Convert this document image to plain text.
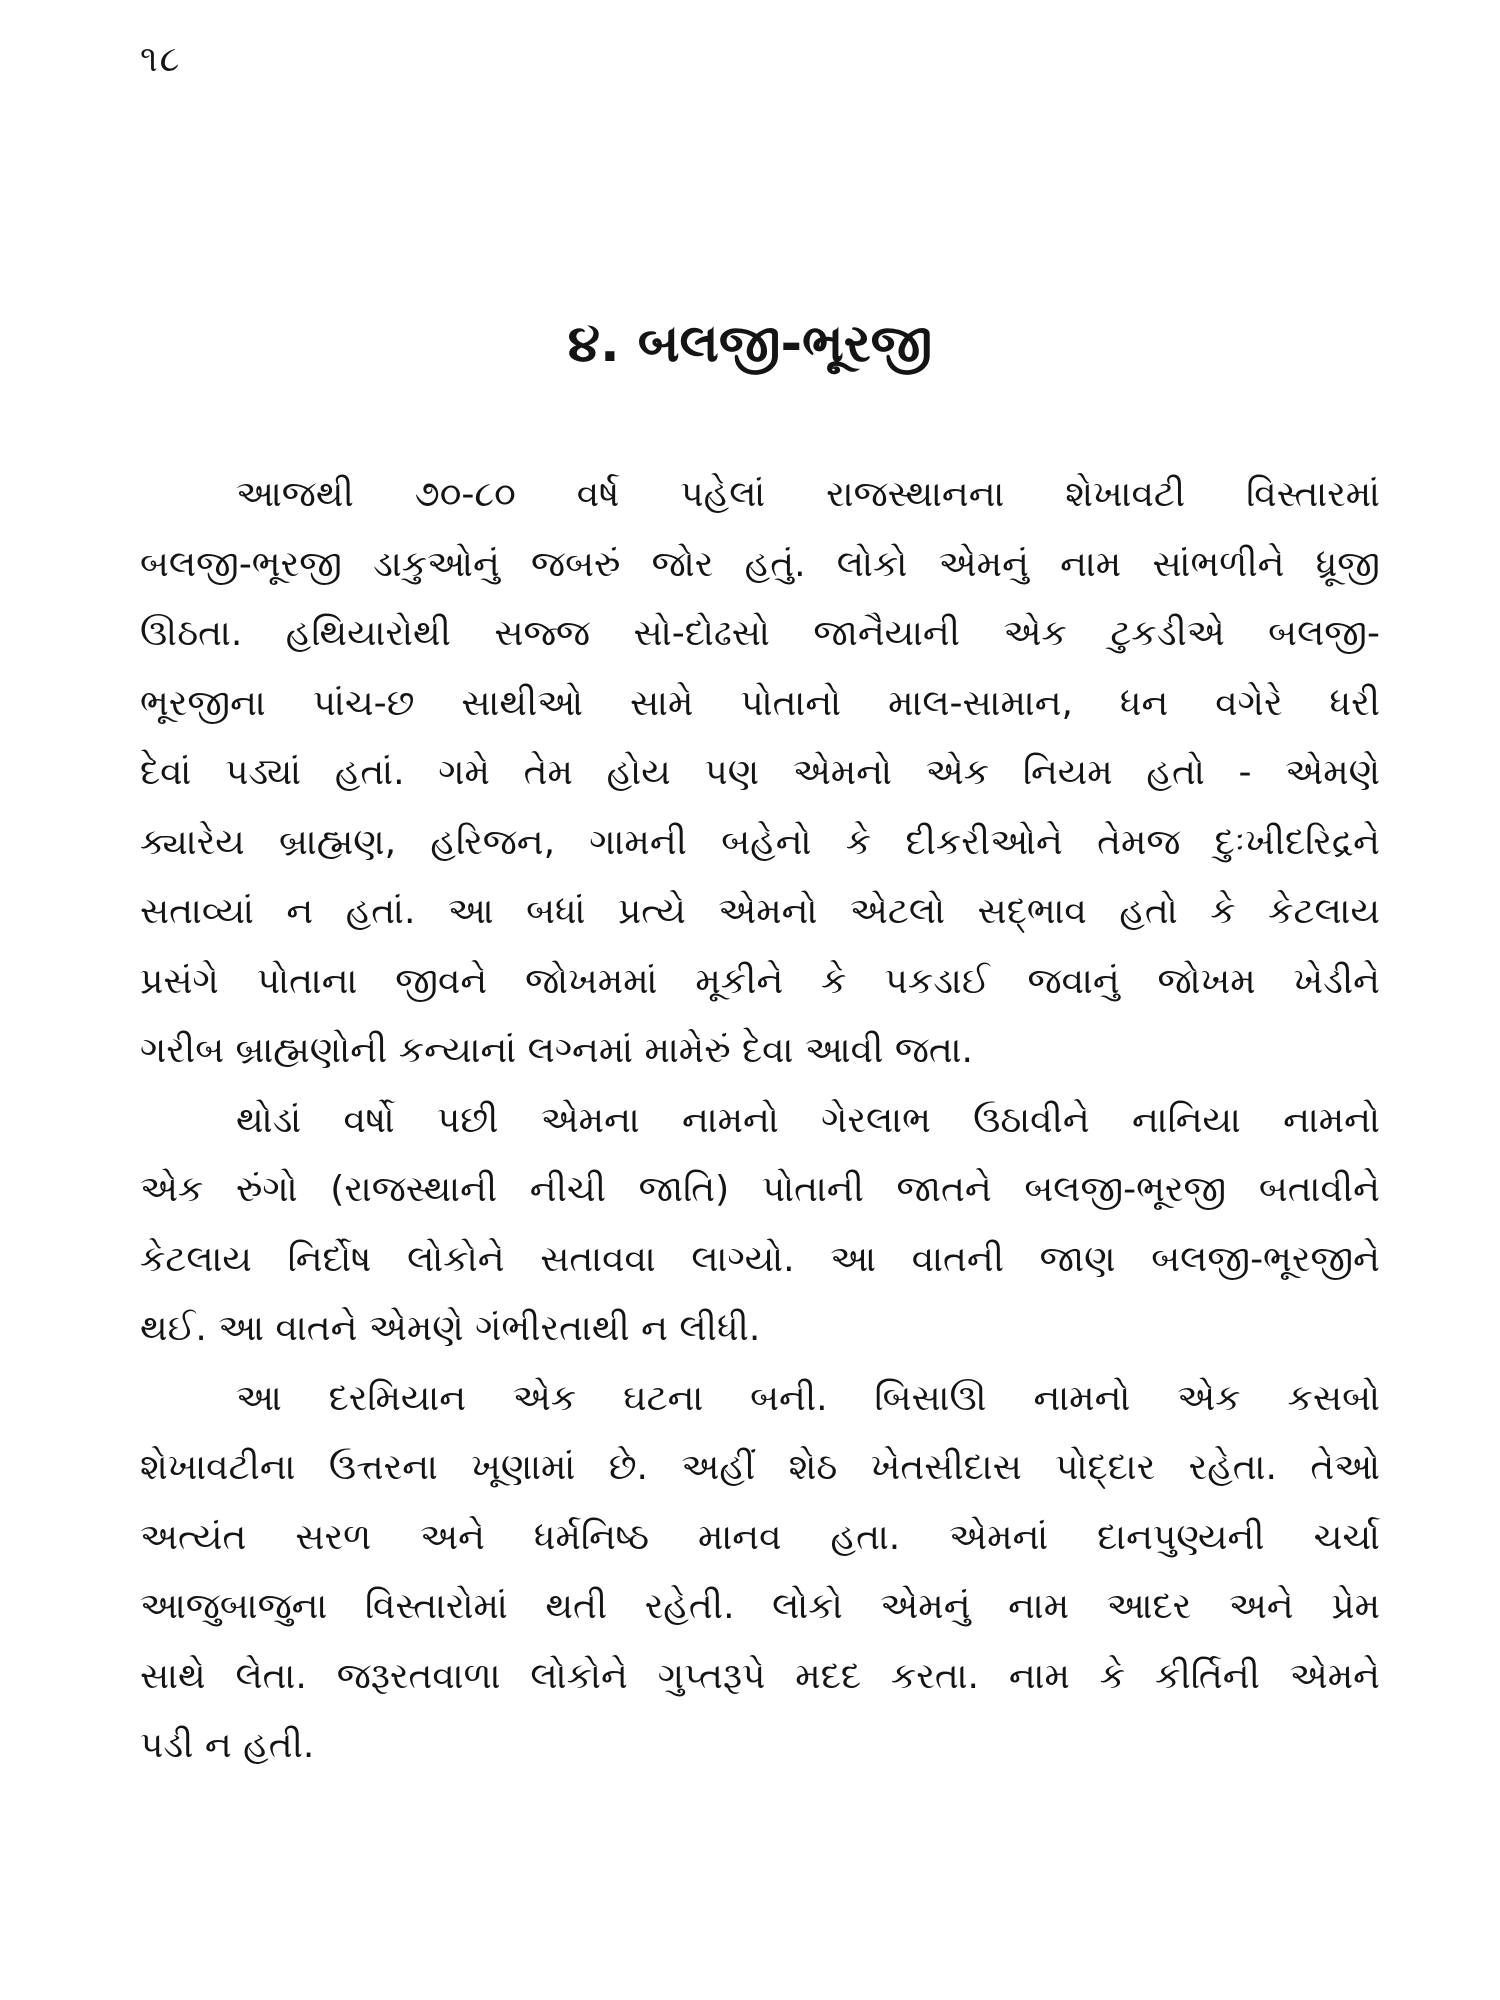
૧૮
૪. બલજી-ભૂરજી
આજથી ૭૦-૮૦ વર્ષ પહેલાં રાજસ્થાનના શેખાવટી વિસ્તારમાં
બલજી-ભૂરજી ડાકુઓનું જબરું જોર હતું. લોકો એમનું નામ સાંભળીને ધ્રૂજી
ઊઠતા. હથિયારોથી સજ્જ સો-દોઢસો જાનૈયાની એક ટુકડીએ બલજી-
ભૂરજીના પાંચ-છ સાથીઓ સામે પોતાનો માલ-સામાન, ધન વગેરે ધરી
દેવાં પડ્યાં હતાં. ગમે તેમ હોય પણ એમનો એક નિયમ હતો - એમણે
ક્યારેય બ્રાહ્મણ, હરિજન, ગામની બહેનો કે દીકરીઓને તેમજ દુઃખીદરિદ્રને
સતાવ્યાં ન હતાં. આ બધાં પ્રત્યે એમનો એટલો સદ્ભાવ હતો કે કેટલાય
પ્રસંગે પોતાના જીવને જોખમમાં મૂકીને કે પકડાઈ જવાનું જોખમ ખેડીને
ગરીબ બ્રાહ્મણોની કન્યાનાં લગ્નમાં મામેરું દેવા આવી જતા.
થોડાં વર્ષો પછી એમના નામનો ગેરલાભ ઉઠાવીને નાનિયા નામનો
એક રુંગો (રાજસ્થાની નીચી જાતિ) પોતાની જાતને બલજી-ભૂરજી બતાવીને
કેટલાય નિર્દોષ લોકોને સતાવવા લાગ્યો. આ વાતની જાણ બલજી-ભૂરજીને
થઈ. આ વાતને એમણે ગંભીરતાથી ન લીધી.
આ દરમિયાન એક ઘટના બની. બિસાઊ નામનો એક કસબો
શેખાવટીના ઉત્તરના ખૂણામાં છે. અહીં શેઠ ખેતસીદાસ પોદ્દાર રહેતા. તેઓ
અત્યંત સરળ અને ધર્મનિષ્ઠ માનવ હતા. એમનાં દાનપુણ્યની ચર્ચા
આજુબાજુના વિસ્તારોમાં થતી રહેતી. લોકો એમનું નામ આદર અને પ્રેમ
સાથે લેતા. જરૂરતવાળા લોકોને ગુપ્તરૂપે મદદ કરતા. નામ કે કીર્તિની એમને
પડી ન હતી.
